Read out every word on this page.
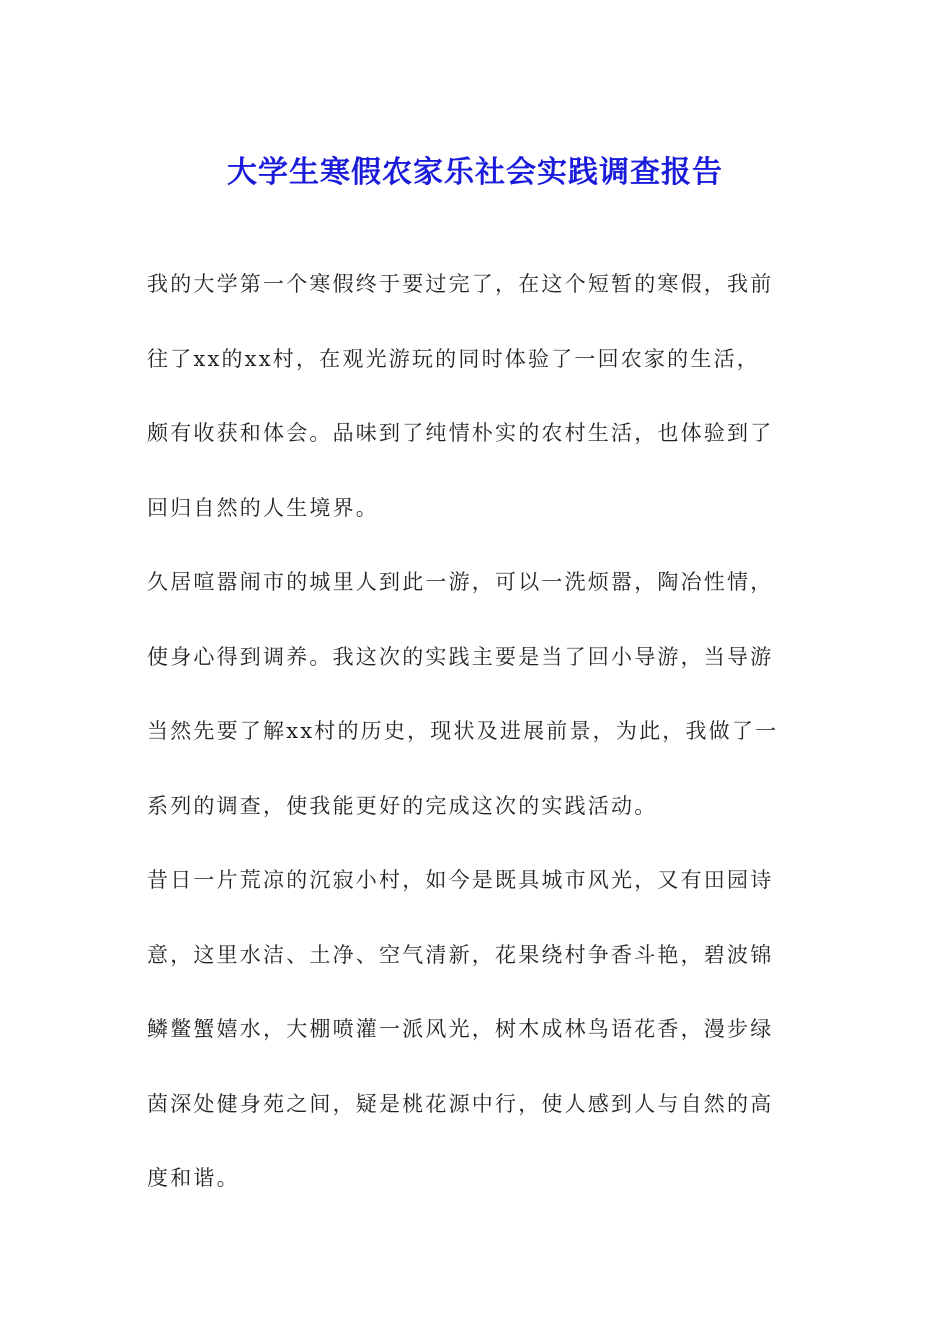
大学生寒假农家乐社会实践调查报告
我的大学第一个寒假终于要过完了，在这个短暂的寒假，我前
往了xx的xx村，在观光游玩的同时体验了一回农家的生活，
颇有收获和体会。品味到了纯情朴实的农村生活，也体验到了
回归自然的人生境界。
久居喧嚣闹市的城里人到此一游，可以一洗烦嚣，陶冶性情，
使身心得到调养。我这次的实践主要是当了回小导游，当导游
当然先要了解xx村的历史，现状及进展前景，为此，我做了一
系列的调查，使我能更好的完成这次的实践活动。
昔日一片荒凉的沉寂小村，如今是既具城市风光，又有田园诗
意，这里水洁、土净、空气清新，花果绕村争香斗艳，碧波锦
鳞鳖蟹嬉水，大棚喷灌一派风光，树木成林鸟语花香，漫步绿
茵深处健身苑之间，疑是桃花源中行，使人感到人与自然的高
度和谐。
